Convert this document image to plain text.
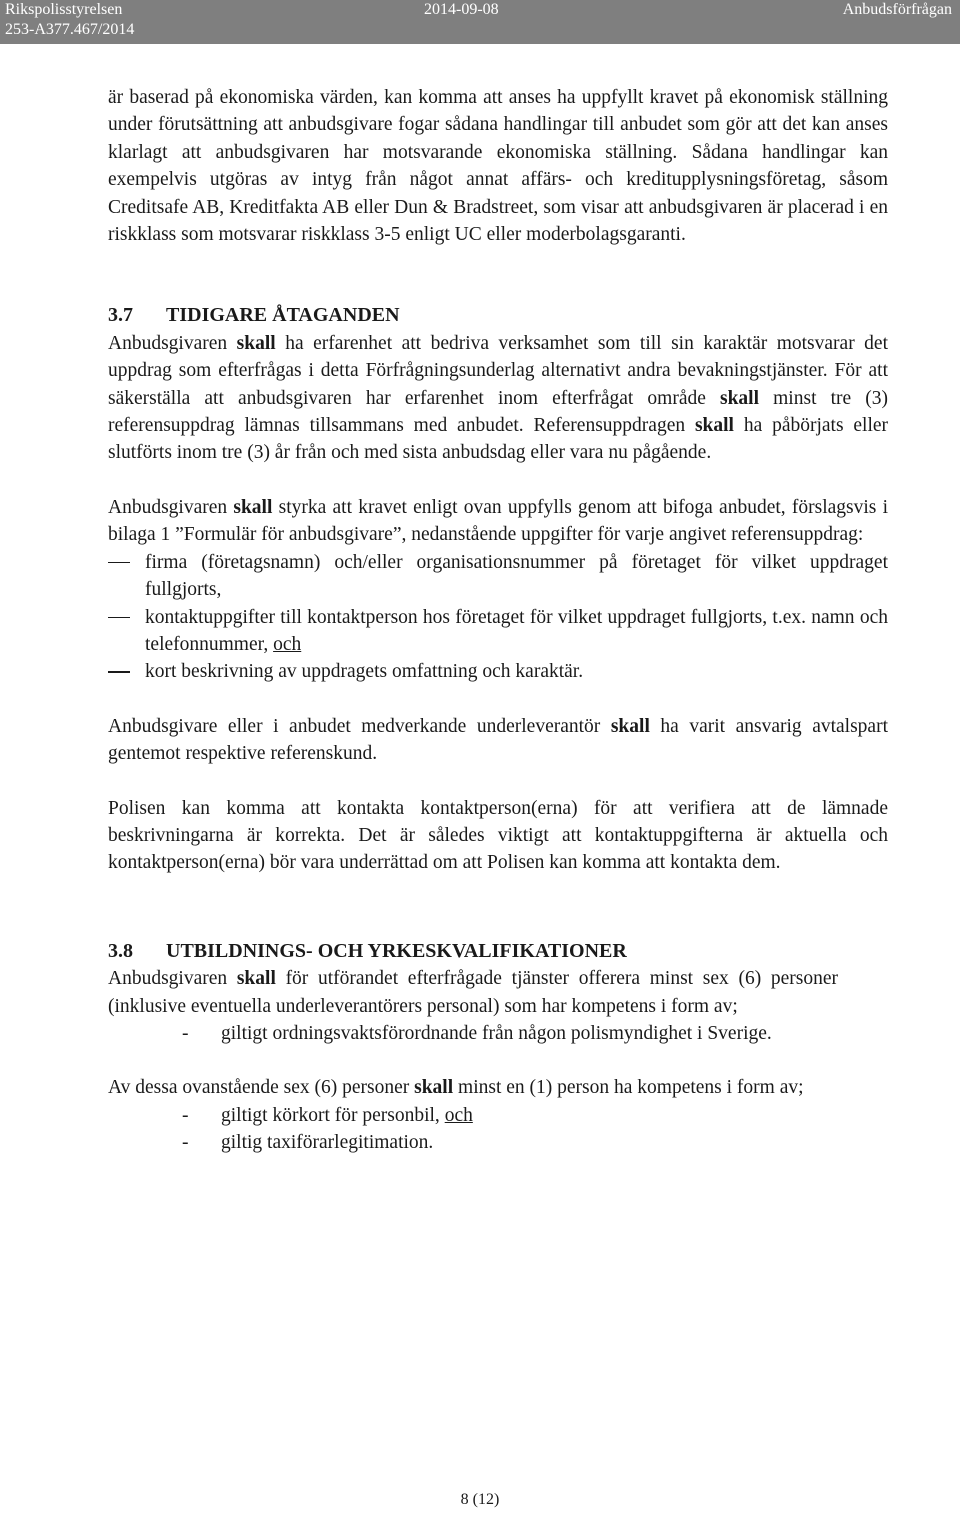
Rikspolisstyrelsen
253-A377.467/2014
2014-09-08	Anbudsförfrågan

är baserad på ekonomiska värden, kan komma att anses ha uppfyllt kravet på ekonomisk ställning under förutsättning att anbudsgivare fogar sådana handlingar till anbudet som gör att det kan anses klarlagt att anbudsgivaren har motsvarande ekonomiska ställning. Sådana handlingar kan exempelvis utgöras av intyg från något annat affärs- och kreditupplysningsföretag, såsom Creditsafe AB, Kreditfakta AB eller Dun & Bradstreet, som visar att anbudsgivaren är placerad i en riskklass som motsvarar riskklass 3-5 enligt UC eller moderbolagsgaranti.

3.7 TIDIGARE ÅTAGANDEN

Anbudsgivaren skall ha erfarenhet att bedriva verksamhet som till sin karaktär motsvarar det uppdrag som efterfrågas i detta Förfrågningsunderlag alternativt andra bevakningstjänster. För att säkerställa att anbudsgivaren har erfarenhet inom efterfrågat område skall minst tre (3) referensuppdrag lämnas tillsammans med anbudet. Referensuppdragen skall ha påbörjats eller slutförts inom tre (3) år från och med sista anbudsdag eller vara nu pågående.

Anbudsgivaren skall styrka att kravet enligt ovan uppfylls genom att bifoga anbudet, förslagsvis i bilaga 1 ”Formulär för anbudsgivare”, nedanstående uppgifter för varje angivet referensuppdrag:

firma (företagsnamn) och/eller organisationsnummer på företaget för vilket uppdraget fullgjorts,
kontaktuppgifter till kontaktperson hos företaget för vilket uppdraget fullgjorts, t.ex. namn och telefonnummer, och
kort beskrivning av uppdragets omfattning och karaktär.

Anbudsgivare eller i anbudet medverkande underleverantör skall ha varit ansvarig avtalspart gentemot respektive referenskund.

Polisen kan komma att kontakta kontaktperson(erna) för att verifiera att de lämnade beskrivningarna är korrekta. Det är således viktigt att kontaktuppgifterna är aktuella och kontaktperson(erna) bör vara underrättad om att Polisen kan komma att kontakta dem.

3.8 UTBILDNINGS- OCH YRKESKVALIFIKATIONER

Anbudsgivaren skall för utförandet efterfrågade tjänster offerera minst sex (6) personer (inklusive eventuella underleverantörers personal) som har kompetens i form av;

- giltigt ordningsvaktsförordnande från någon polismyndighet i Sverige.

Av dessa ovanstående sex (6) personer skall minst en (1) person ha kompetens i form av;

- giltigt körkort för personbil, och
- giltig taxiförarlegitimation.
8 (12)
